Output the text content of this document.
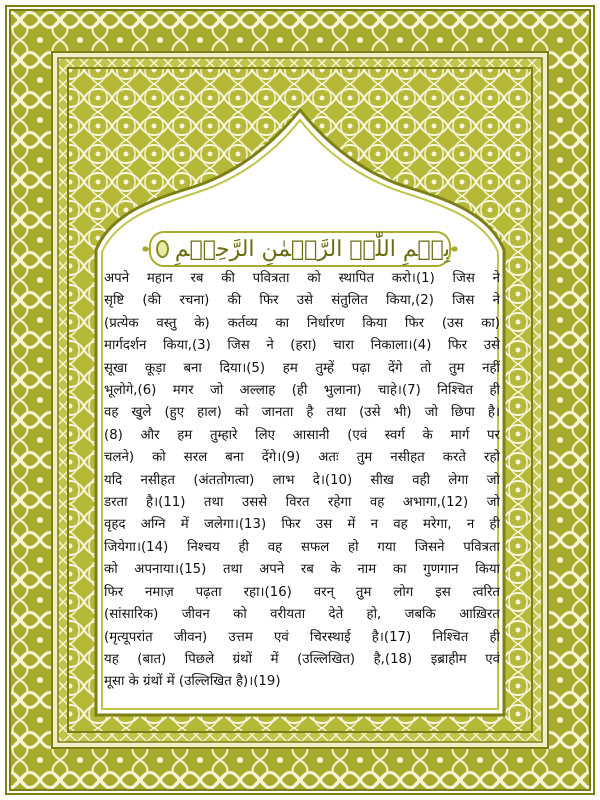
بِسۡمِ اللّٰہِ الرَّحۡمٰنِ الرَّحِیۡمِ
अपने महान रब की पवित्रता को स्थापित करो।(1) जिस ने
सृष्टि (की रचना) की फिर उसे संतुलित किया,(2) जिस ने
(प्रत्येक वस्तु के) कर्तव्य का निर्धारण किया फिर (उस का)
मार्गदर्शन किया,(3) जिस ने (हरा) चारा निकाला।(4) फिर उसे
सूखा कूड़ा बना दिया।(5) हम तुम्हें पढ़ा देंगे तो तुम नहीं
भूलोगे,(6) मगर जो अल्लाह (ही भुलाना) चाहे।(7) निश्चित ही
वह खुले (हुए हाल) को जानता है तथा (उसे भी) जो छिपा है।
(8) और हम तुम्हारे लिए आसानी (एवं स्वर्ग के मार्ग पर
चलने) को सरल बना देंगे।(9) अतः तुम नसीहत करते रहो
यदि नसीहत (अंततोगत्वा) लाभ दे।(10) सीख वही लेगा जो
डरता है।(11) तथा उससे विरत रहेगा वह अभागा,(12) जो
वृहद अग्नि में जलेगा।(13) फिर उस में न वह मरेगा, न ही
जियेगा।(14) निश्चय ही वह सफल हो गया जिसने पवित्रता
को अपनाया।(15) तथा अपने रब के नाम का गुणगान किया
फिर नमाज़ पढ़ता रहा।(16) वरन् तुम लोग इस त्वरित
(सांसारिक) जीवन को वरीयता देते हो, जबकि आख़िरत
(मृत्यूपरांत जीवन) उत्तम एवं चिरस्थाई है।(17) निश्चित ही
यह (बात) पिछले ग्रंथों में (उल्लिखित) है,(18) इब्राहीम एवं
मूसा के ग्रंथों में (उल्लिखित है)।(19)
